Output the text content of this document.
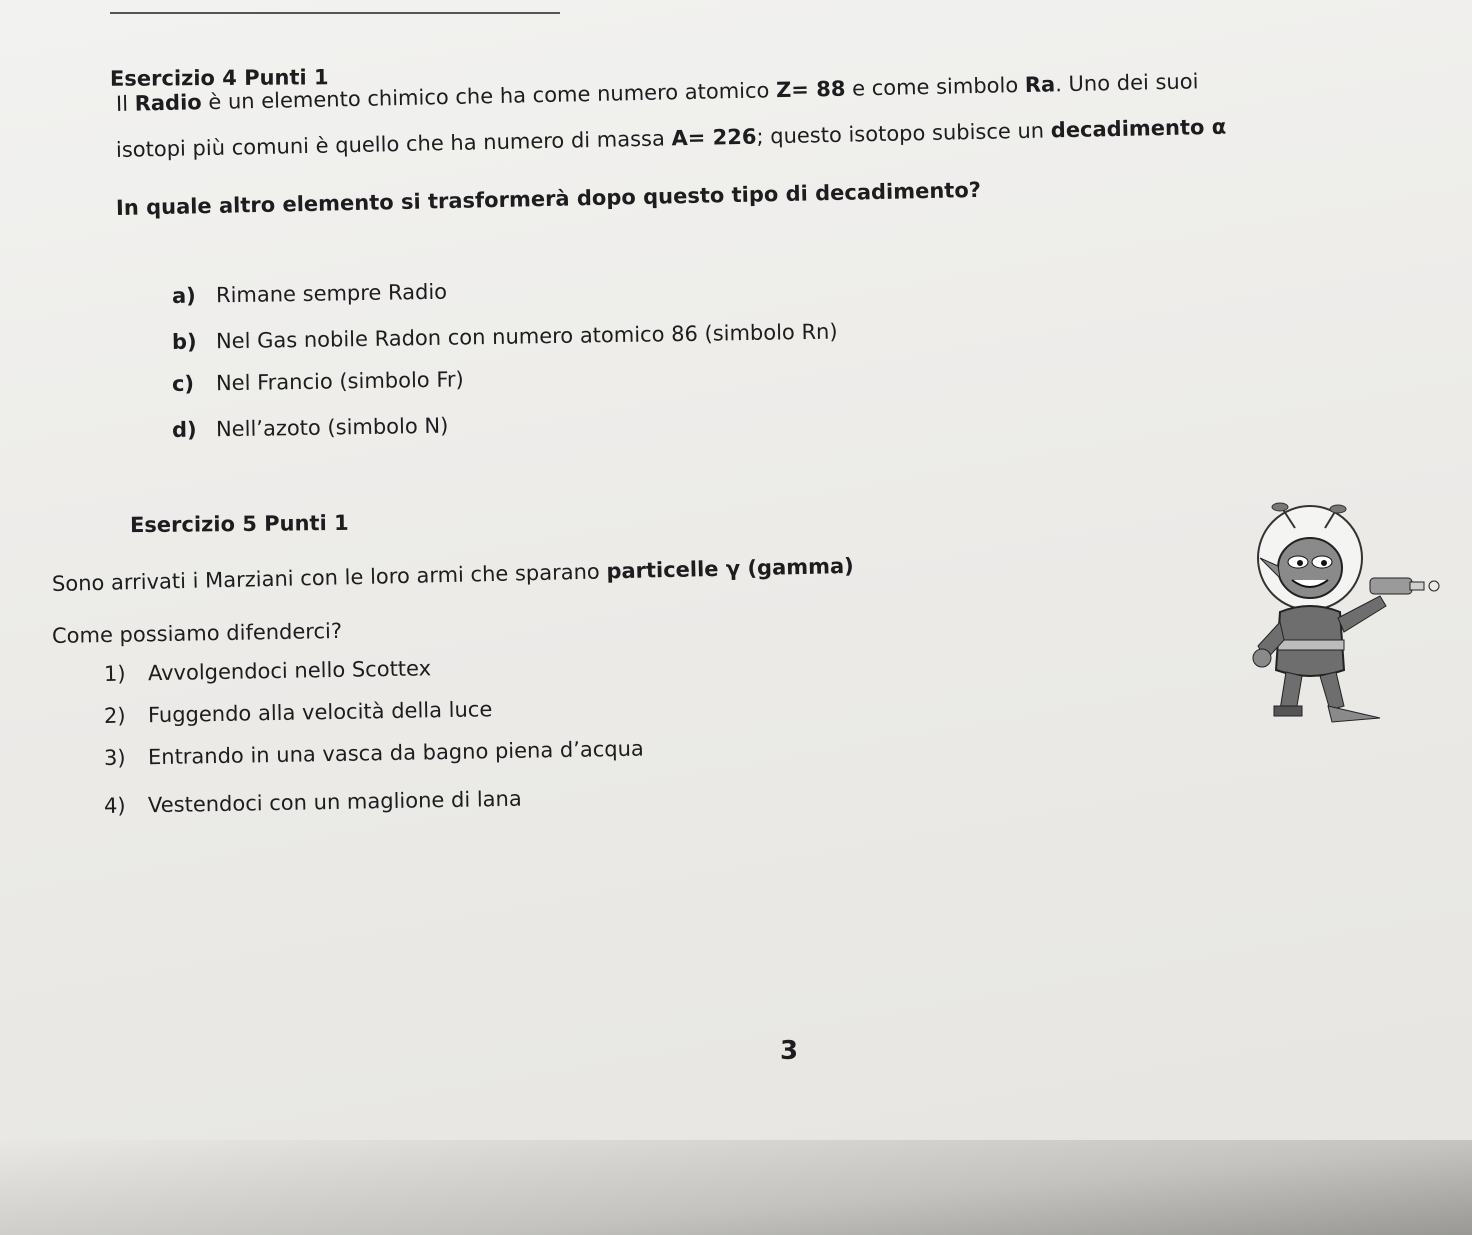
Esercizio 4 Punti 1
Il Radio è un elemento chimico che ha come numero atomico Z= 88 e come simbolo Ra. Uno dei suoi
isotopi più comuni è quello che ha numero di massa A= 226; questo isotopo subisce un decadimento α
In quale altro elemento si trasformerà dopo questo tipo di decadimento?
a) Rimane sempre Radio
b) Nel Gas nobile Radon con numero atomico 86 (simbolo Rn)
c) Nel Francio (simbolo Fr)
d) Nell’azoto (simbolo N)
Esercizio 5 Punti 1
Sono arrivati i Marziani con le loro armi che sparano particelle γ (gamma)
Come possiamo difenderci?
1) Avvolgendoci nello Scottex
2) Fuggendo alla velocità della luce
3) Entrando in una vasca da bagno piena d’acqua
4) Vestendoci con un maglione di lana
3
